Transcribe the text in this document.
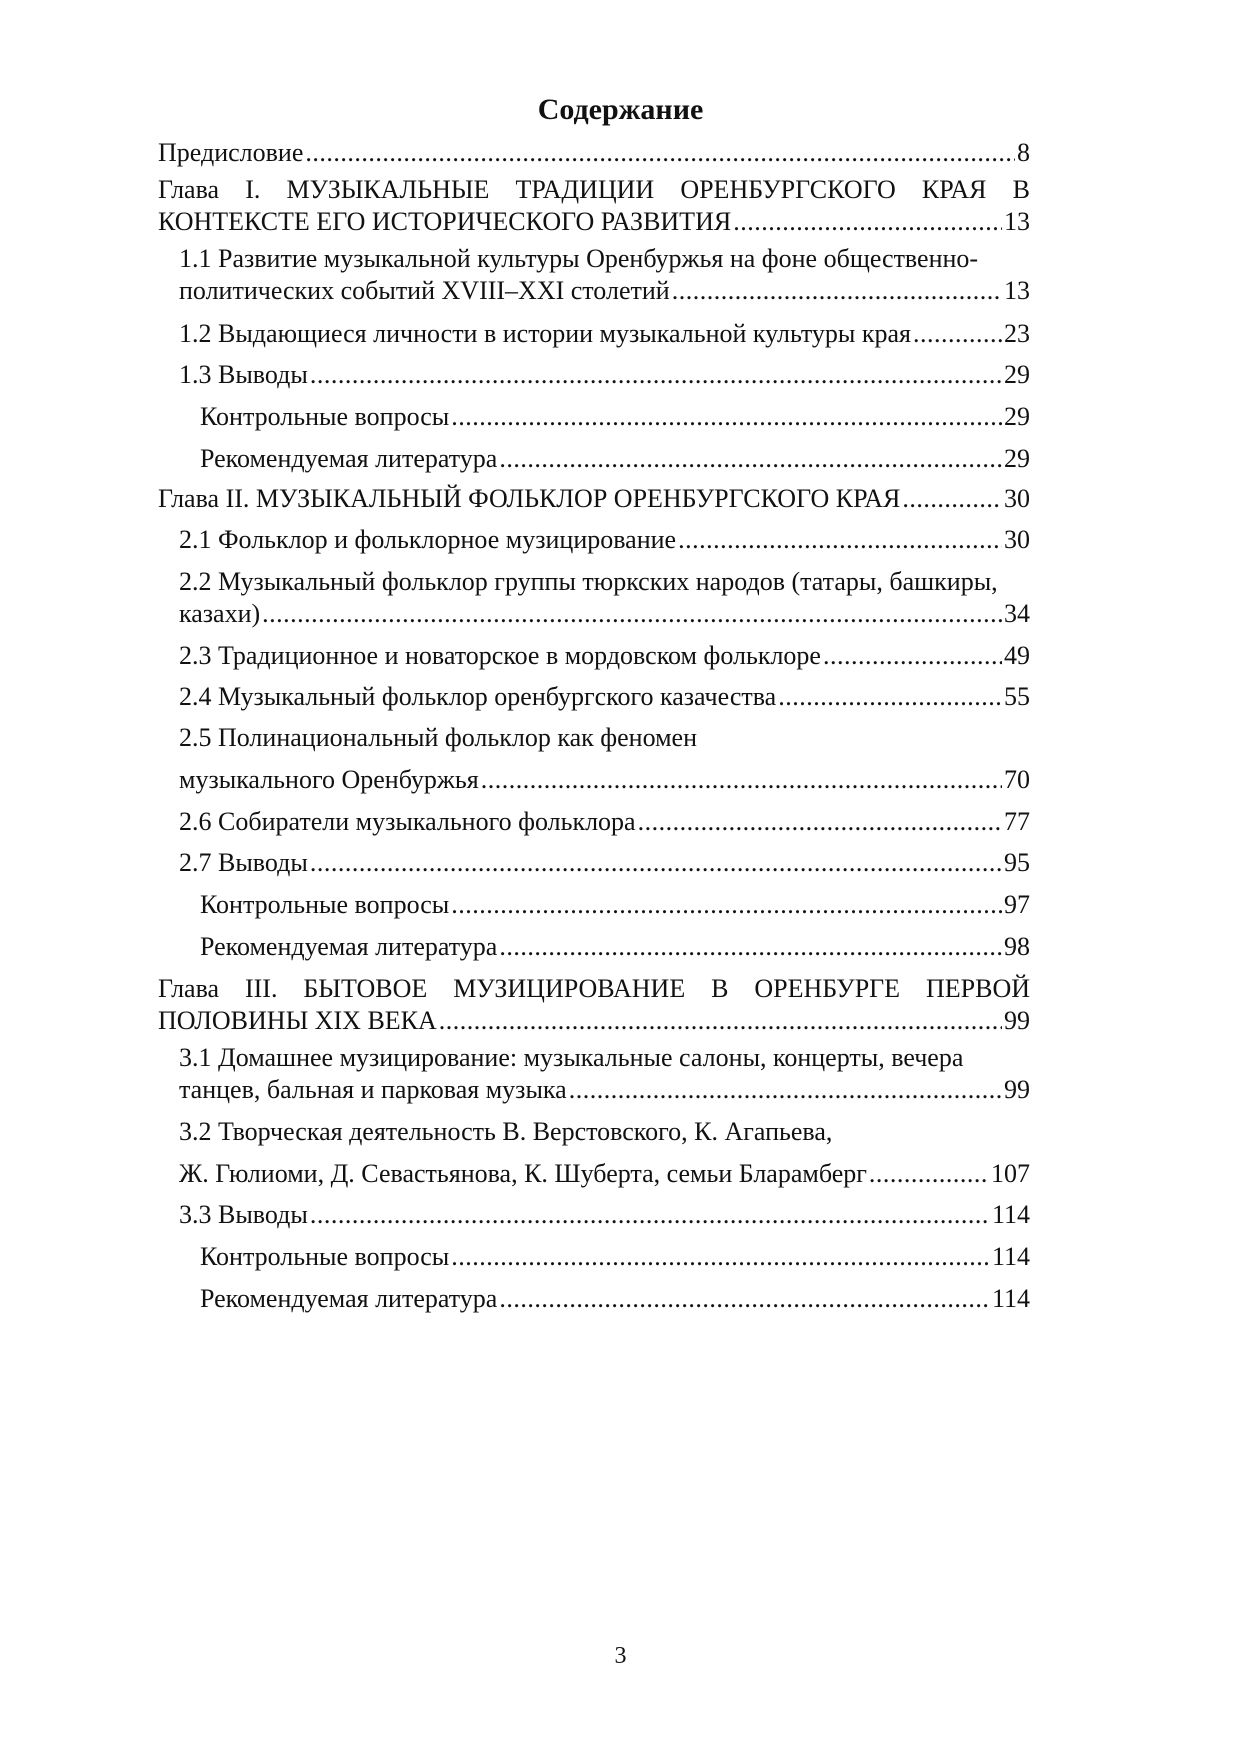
Содержание
Предисловие .....	8
Глава I. МУЗЫКАЛЬНЫЕ ТРАДИЦИИ ОРЕНБУРГСКОГО КРАЯ В
КОНТЕКСТЕ ЕГО ИСТОРИЧЕСКОГО РАЗВИТИЯ .....	13
1.1 Развитие музыкальной культуры Оренбуржья на фоне общественно-
политических событий XVIII–XXI столетий .....	13
1.2 Выдающиеся личности в истории музыкальной культуры края .....	23
1.3 Выводы .....	29
Контрольные вопросы .....	29
Рекомендуемая литература .....	29
Глава II. МУЗЫКАЛЬНЫЙ ФОЛЬКЛОР ОРЕНБУРГСКОГО КРАЯ .....	30
2.1 Фольклор и фольклорное музицирование .....	30
2.2 Музыкальный фольклор группы тюркских народов (татары, башкиры,
казахи) .....	34
2.3 Традиционное и новаторское в мордовском фольклоре .....	49
2.4 Музыкальный фольклор оренбургского казачества .....	55
2.5 Полинациональный фольклор как феномен
музыкального Оренбуржья .....	70
2.6 Собиратели музыкального фольклора .....	77
2.7 Выводы .....	95
Контрольные вопросы .....	97
Рекомендуемая литература .....	98
Глава III. БЫТОВОЕ МУЗИЦИРОВАНИЕ В ОРЕНБУРГЕ ПЕРВОЙ
ПОЛОВИНЫ XIX ВЕКА .....	99
3.1 Домашнее музицирование: музыкальные салоны, концерты, вечера
танцев, бальная и парковая музыка .....	99
3.2 Творческая деятельность В. Верстовского, К. Агапьева,
Ж. Гюлиоми, Д. Севастьянова, К. Шуберта, семьи Бларамберг .....	107
3.3 Выводы .....	114
Контрольные вопросы .....	114
Рекомендуемая литература .....	114
3
